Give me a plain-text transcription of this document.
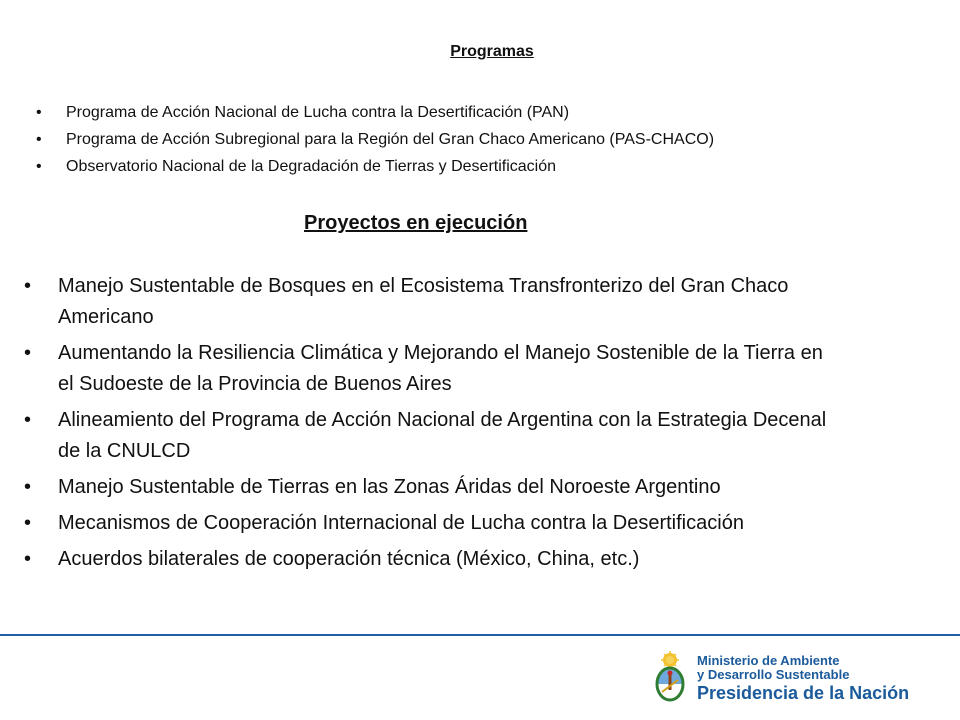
Programas
• Programa de Acción Nacional de Lucha contra la Desertificación (PAN)
• Programa de Acción Subregional para la Región del Gran Chaco Americano (PAS-CHACO)
• Observatorio Nacional de la Degradación de Tierras y Desertificación
Proyectos en ejecución
• Manejo Sustentable de Bosques en el Ecosistema Transfronterizo del Gran Chaco Americano
• Aumentando la Resiliencia Climática y Mejorando el Manejo Sostenible de la Tierra en el Sudoeste de la Provincia de Buenos Aires
• Alineamiento del Programa de Acción Nacional de Argentina con la Estrategia Decenal de la CNULCD
• Manejo Sustentable de Tierras en las Zonas Áridas del Noroeste Argentino
• Mecanismos de Cooperación Internacional de Lucha contra la Desertificación
• Acuerdos bilaterales de cooperación técnica (México, China, etc.)
Ministerio de Ambiente
y Desarrollo Sustentable
Presidencia de la Nación
